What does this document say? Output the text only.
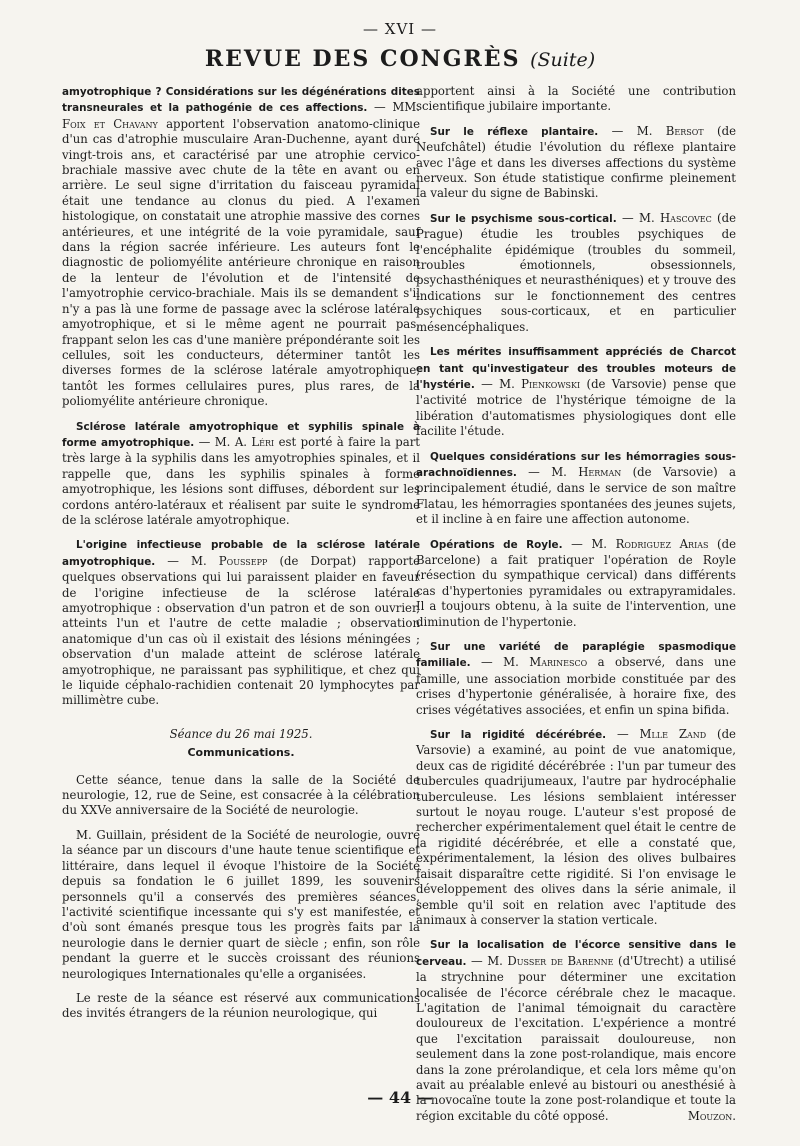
— XVI —
REVUE DES CONGRÈS (Suite)

amyotrophique ? Considérations sur les dégénérations dites transneurales et la pathogénie de ces affections. — MM. Foix et Chavany apportent l'observation anatomo-clinique d'un cas d'atrophie musculaire Aran-Duchenne, ayant duré vingt-trois ans, et caractérisé par une atrophie cervico-brachiale massive avec chute de la tête en avant ou en arrière. Le seul signe d'irritation du faisceau pyramidal était une tendance au clonus du pied. A l'examen histologique, on constatait une atrophie massive des cornes antérieures, et une intégrité de la voie pyramidale, sauf dans la région sacrée inférieure. Les auteurs font le diagnostic de poliomyélite antérieure chronique en raison de la lenteur de l'évolution et de l'intensité de l'amyotrophie cervico-brachiale. Mais ils se demandent s'il n'y a pas là une forme de passage avec la sclérose latérale amyotrophique, et si le même agent ne pourrait pas, frappant selon les cas d'une manière prépondérante soit les cellules, soit les conducteurs, déterminer tantôt les diverses formes de la sclérose latérale amyotrophique, tantôt les formes cellulaires pures, plus rares, de la poliomyélite antérieure chronique.

Sclérose latérale amyotrophique et syphilis spinale à forme amyotrophique. — M. A. Léri est porté à faire la part très large à la syphilis dans les amyotrophies spinales, et il rappelle que, dans les syphilis spinales à forme amyotrophique, les lésions sont diffuses, débordent sur les cordons antéro-latéraux et réalisent par suite le syndrome de la sclérose latérale amyotrophique.

L'origine infectieuse probable de la sclérose latérale amyotrophique. — M. Poussepp (de Dorpat) rapporte quelques observations qui lui paraissent plaider en faveur de l'origine infectieuse de la sclérose latérale amyotrophique : observation d'un patron et de son ouvrier, atteints l'un et l'autre de cette maladie ; observation anatomique d'un cas où il existait des lésions méningées ; observation d'un malade atteint de sclérose latérale amyotrophique, ne paraissant pas syphilitique, et chez qui le liquide céphalo-rachidien contenait 20 lymphocytes par millimètre cube.

Séance du 26 mai 1925.
Communications.

Cette séance, tenue dans la salle de la Société de neurologie, 12, rue de Seine, est consacrée à la célébration du XXVe anniversaire de la Société de neurologie.

M. Guillain, président de la Société de neurologie, ouvre la séance par un discours d'une haute tenue scientifique et littéraire, dans lequel il évoque l'histoire de la Société depuis sa fondation le 6 juillet 1899, les souvenirs personnels qu'il a conservés des premières séances, l'activité scientifique incessante qui s'y est manifestée, et d'où sont émanés presque tous les progrès faits par la neurologie dans le dernier quart de siècle ; enfin, son rôle pendant la guerre et le succès croissant des réunions neurologiques Internationales qu'elle a organisées.

Le reste de la séance est réservé aux communications des invités étrangers de la réunion neurologique, qui

apportent ainsi à la Société une contribution scientifique jubilaire importante.

Sur le réflexe plantaire. — M. Bersot (de Neufchâtel) étudie l'évolution du réflexe plantaire avec l'âge et dans les diverses affections du système nerveux. Son étude statistique confirme pleinement la valeur du signe de Babinski.

Sur le psychisme sous-cortical. — M. Hascovec (de Prague) étudie les troubles psychiques de l'encéphalite épidémique (troubles du sommeil, troubles émotionnels, obsessionnels, psychasthéniques et neurasthéniques) et y trouve des indications sur le fonctionnement des centres psychiques sous-corticaux, et en particulier mésencéphaliques.

Les mérites insuffisamment appréciés de Charcot en tant qu'investigateur des troubles moteurs de l'hystérie. — M. Pienkowski (de Varsovie) pense que l'activité motrice de l'hystérique témoigne de la libération d'automatismes physiologiques dont elle facilite l'étude.

Quelques considérations sur les hémorragies sous-arachnoïdiennes. — M. Herman (de Varsovie) a principalement étudié, dans le service de son maître Flatau, les hémorragies spontanées des jeunes sujets, et il incline à en faire une affection autonome.

Opérations de Royle. — M. Rodriguez Arias (de Barcelone) a fait pratiquer l'opération de Royle (résection du sympathique cervical) dans différents cas d'hypertonies pyramidales ou extrapyramidales. Il a toujours obtenu, à la suite de l'intervention, une diminution de l'hypertonie.

Sur une variété de paraplégie spasmodique familiale. — M. Marinesco a observé, dans une famille, une association morbide constituée par des crises d'hypertonie généralisée, à horaire fixe, des crises végétatives associées, et enfin un spina bifida.

Sur la rigidité décérébrée. — Mlle Zand (de Varsovie) a examiné, au point de vue anatomique, deux cas de rigidité décérébrée : l'un par tumeur des tubercules quadrijumeaux, l'autre par hydrocéphalie tuberculeuse. Les lésions semblaient intéresser surtout le noyau rouge. L'auteur s'est proposé de rechercher expérimentalement quel était le centre de la rigidité décérébrée, et elle a constaté que, expérimentalement, la lésion des olives bulbaires faisait disparaître cette rigidité. Si l'on envisage le développement des olives dans la série animale, il semble qu'il soit en relation avec l'aptitude des animaux à conserver la station verticale.

Sur la localisation de l'écorce sensitive dans le cerveau. — M. Dusser de Barenne (d'Utrecht) a utilisé la strychnine pour déterminer une excitation localisée de l'écorce cérébrale chez le macaque. L'agitation de l'animal témoignait du caractère douloureux de l'excitation. L'expérience a montré que l'excitation paraissait douloureuse, non seulement dans la zone post-rolandique, mais encore dans la zone prérolandique, et cela lors même qu'on avait au préalable enlevé au bistouri ou anesthésié à la novocaïne toute la zone post-rolandique et toute la région excitable du côté opposé.	Mouzon.

— 44 —
